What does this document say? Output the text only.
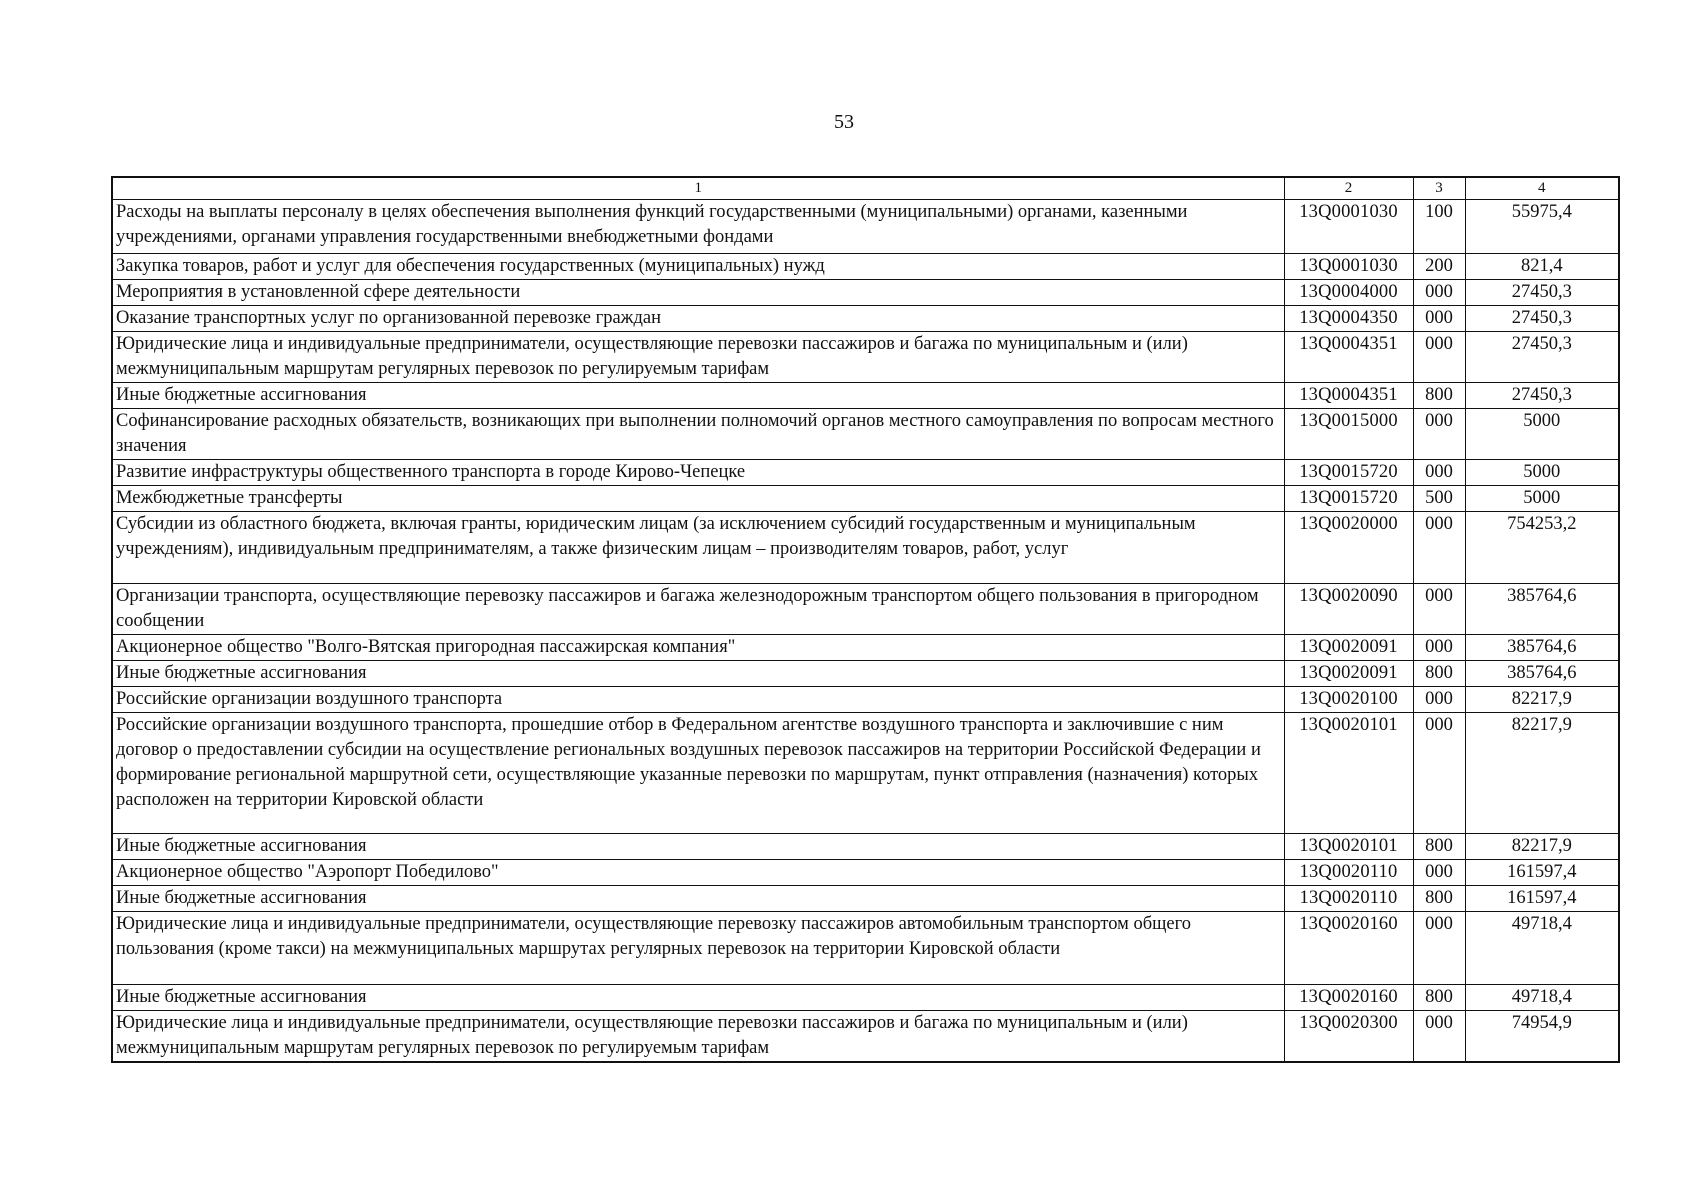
53
1	2	3	4
Расходы на выплаты персоналу в целях обеспечения выполнения функций государственными (муниципальными) органами, казенными учреждениями, органами управления государственными внебюджетными фондами	13Q0001030	100	55975,4
Закупка товаров, работ и услуг для обеспечения государственных (муниципальных) нужд	13Q0001030	200	821,4
Мероприятия в установленной сфере деятельности	13Q0004000	000	27450,3
Оказание транспортных услуг по организованной перевозке граждан	13Q0004350	000	27450,3
Юридические лица и индивидуальные предприниматели, осуществляющие перевозки пассажиров и багажа по муниципальным и (или) межмуниципальным маршрутам регулярных перевозок по регулируемым тарифам	13Q0004351	000	27450,3
Иные бюджетные ассигнования	13Q0004351	800	27450,3
Софинансирование расходных обязательств, возникающих при выполнении полномочий органов местного самоуправления по вопросам местного значения	13Q0015000	000	5000
Развитие инфраструктуры общественного транспорта в городе Кирово-Чепецке	13Q0015720	000	5000
Межбюджетные трансферты	13Q0015720	500	5000
Субсидии из областного бюджета, включая гранты, юридическим лицам (за исключением субсидий государственным и муниципальным учреждениям), индивидуальным предпринимателям, а также физическим лицам – производителям товаров, работ, услуг	13Q0020000	000	754253,2
Организации транспорта, осуществляющие перевозку пассажиров и багажа железнодорожным транспортом общего пользования в пригородном сообщении	13Q0020090	000	385764,6
Акционерное общество "Волго-Вятская пригородная пассажирская компания"	13Q0020091	000	385764,6
Иные бюджетные ассигнования	13Q0020091	800	385764,6
Российские организации воздушного транспорта	13Q0020100	000	82217,9
Российские организации воздушного транспорта, прошедшие отбор в Федеральном агентстве воздушного транспорта и заключившие с ним договор о предоставлении субсидии на осуществление региональных воздушных перевозок пассажиров на территории Российской Федерации и формирование региональной маршрутной сети, осуществляющие указанные перевозки по маршрутам, пункт отправления (назначения) которых расположен на территории Кировской области	13Q0020101	000	82217,9
Иные бюджетные ассигнования	13Q0020101	800	82217,9
Акционерное общество "Аэропорт Победилово"	13Q0020110	000	161597,4
Иные бюджетные ассигнования	13Q0020110	800	161597,4
Юридические лица и индивидуальные предприниматели, осуществляющие перевозку пассажиров автомобильным транспортом общего пользования (кроме такси) на межмуниципальных маршрутах регулярных перевозок на территории Кировской области	13Q0020160	000	49718,4
Иные бюджетные ассигнования	13Q0020160	800	49718,4
Юридические лица и индивидуальные предприниматели, осуществляющие перевозки пассажиров и багажа по муниципальным и (или) межмуниципальным маршрутам регулярных перевозок по регулируемым тарифам	13Q0020300	000	74954,9
